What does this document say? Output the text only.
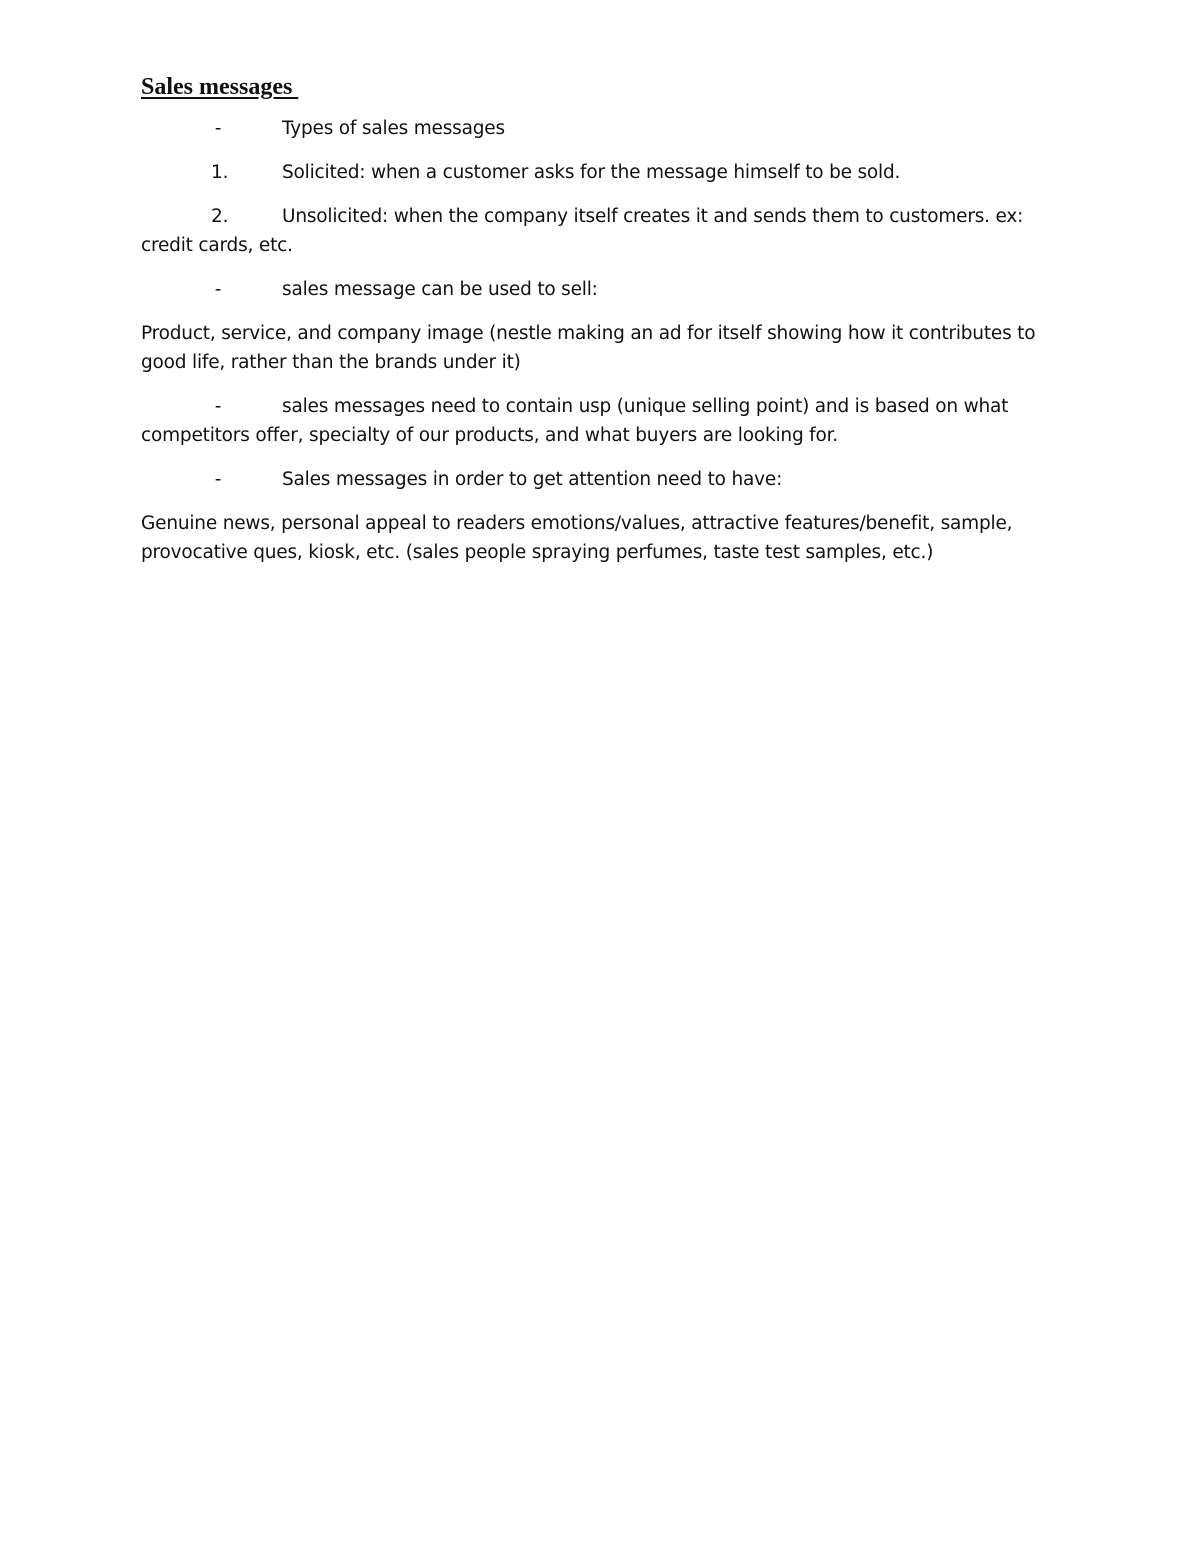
Sales messages

-	Types of sales messages

1.	Solicited: when a customer asks for the message himself to be sold.

2.	Unsolicited: when the company itself creates it and sends them to customers. ex: credit cards, etc.

-	sales message can be used to sell:

Product, service, and company image (nestle making an ad for itself showing how it contributes to good life, rather than the brands under it)

-	sales messages need to contain usp (unique selling point) and is based on what competitors offer, specialty of our products, and what buyers are looking for.

-	Sales messages in order to get attention need to have:

Genuine news, personal appeal to readers emotions/values, attractive features/benefit, sample, provocative ques, kiosk, etc. (sales people spraying perfumes, taste test samples, etc.)
